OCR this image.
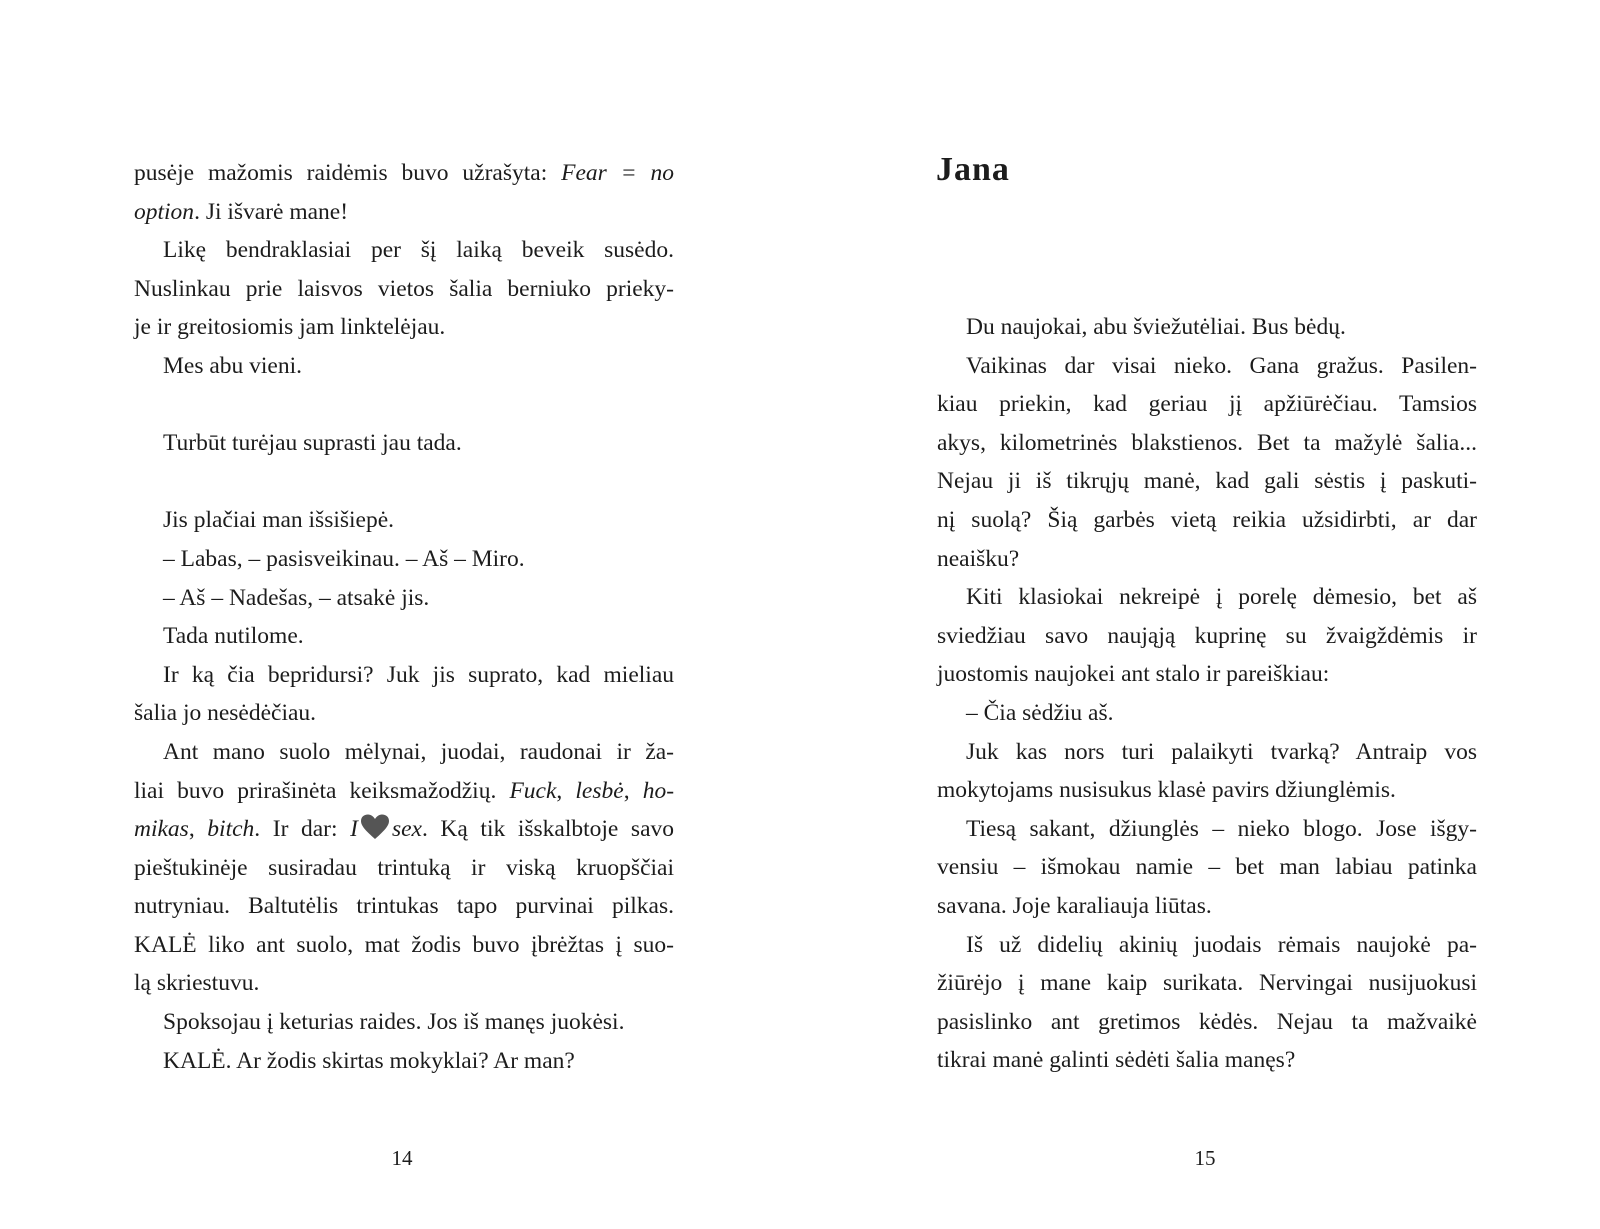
pusėje mažomis raidėmis buvo užrašyta: Fear = no
option. Ji išvarė mane!
Likę bendraklasiai per šį laiką beveik susėdo.
Nuslinkau prie laisvos vietos šalia berniuko prieky-
je ir greitosiomis jam linktelėjau.
Mes abu vieni.
Turbūt turėjau suprasti jau tada.
Jis plačiai man išsišiepė.
– Labas, – pasisveikinau. – Aš – Miro.
– Aš – Nadešas, – atsakė jis.
Tada nutilome.
Ir ką čia bepridursi? Juk jis suprato, kad mieliau
šalia jo nesėdėčiau.
Ant mano suolo mėlynai, juodai, raudonai ir ža-
liai buvo prirašinėta keiksmažodžių. Fuck, lesbė, ho-
mikas, bitch. Ir dar: I sex. Ką tik išskalbtoje savo
pieštukinėje susiradau trintuką ir viską kruopščiai
nutryniau. Baltutėlis trintukas tapo purvinai pilkas.
KALĖ liko ant suolo, mat žodis buvo įbrėžtas į suo-
lą skriestuvu.
Spoksojau į keturias raides. Jos iš manęs juokėsi.
KALĖ. Ar žodis skirtas mokyklai? Ar man?
14
Jana
Du naujokai, abu šviežutėliai. Bus bėdų.
Vaikinas dar visai nieko. Gana gražus. Pasilen-
kiau priekin, kad geriau jį apžiūrėčiau. Tamsios
akys, kilometrinės blakstienos. Bet ta mažylė šalia...
Nejau ji iš tikrųjų manė, kad gali sėstis į paskuti-
nį suolą? Šią garbės vietą reikia užsidirbti, ar dar
neaišku?
Kiti klasiokai nekreipė į porelę dėmesio, bet aš
sviedžiau savo naująją kuprinę su žvaigždėmis ir
juostomis naujokei ant stalo ir pareiškiau:
– Čia sėdžiu aš.
Juk kas nors turi palaikyti tvarką? Antraip vos
mokytojams nusisukus klasė pavirs džiunglėmis.
Tiesą sakant, džiunglės – nieko blogo. Jose išgy-
vensiu – išmokau namie – bet man labiau patinka
savana. Joje karaliauja liūtas.
Iš už didelių akinių juodais rėmais naujokė pa-
žiūrėjo į mane kaip surikata. Nervingai nusijuokusi
pasislinko ant gretimos kėdės. Nejau ta mažvaikė
tikrai manė galinti sėdėti šalia manęs?
15
